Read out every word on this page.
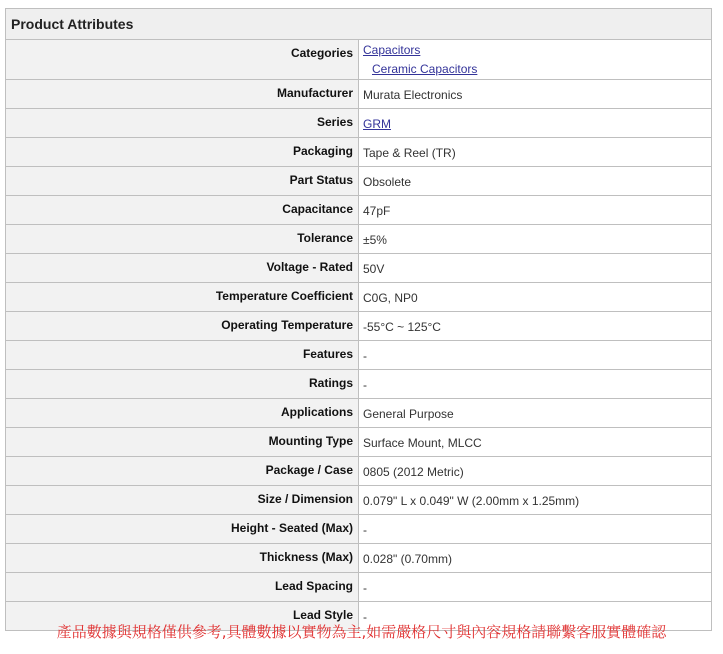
Product Attributes	
Categories	Capacitors
Ceramic Capacitors

Manufacturer	Murata Electronics
Series	GRM
Packaging	Tape & Reel (TR)
Part Status	Obsolete
Capacitance	47pF
Tolerance	±5%
Voltage - Rated	50V
Temperature Coefficient	C0G, NP0
Operating Temperature	-55°C ~ 125°C
Features	-
Ratings	-
Applications	General Purpose
Mounting Type	Surface Mount, MLCC
Package / Case	0805 (2012 Metric)
Size / Dimension	0.079" L x 0.049" W (2.00mm x 1.25mm)
Height - Seated (Max)	-
Thickness (Max)	0.028" (0.70mm)
Lead Spacing	-
Lead Style	-
產品數據與規格僅供參考,具體數據以實物為主,如需嚴格尺寸與內容規格請聯繫客服實體確認
